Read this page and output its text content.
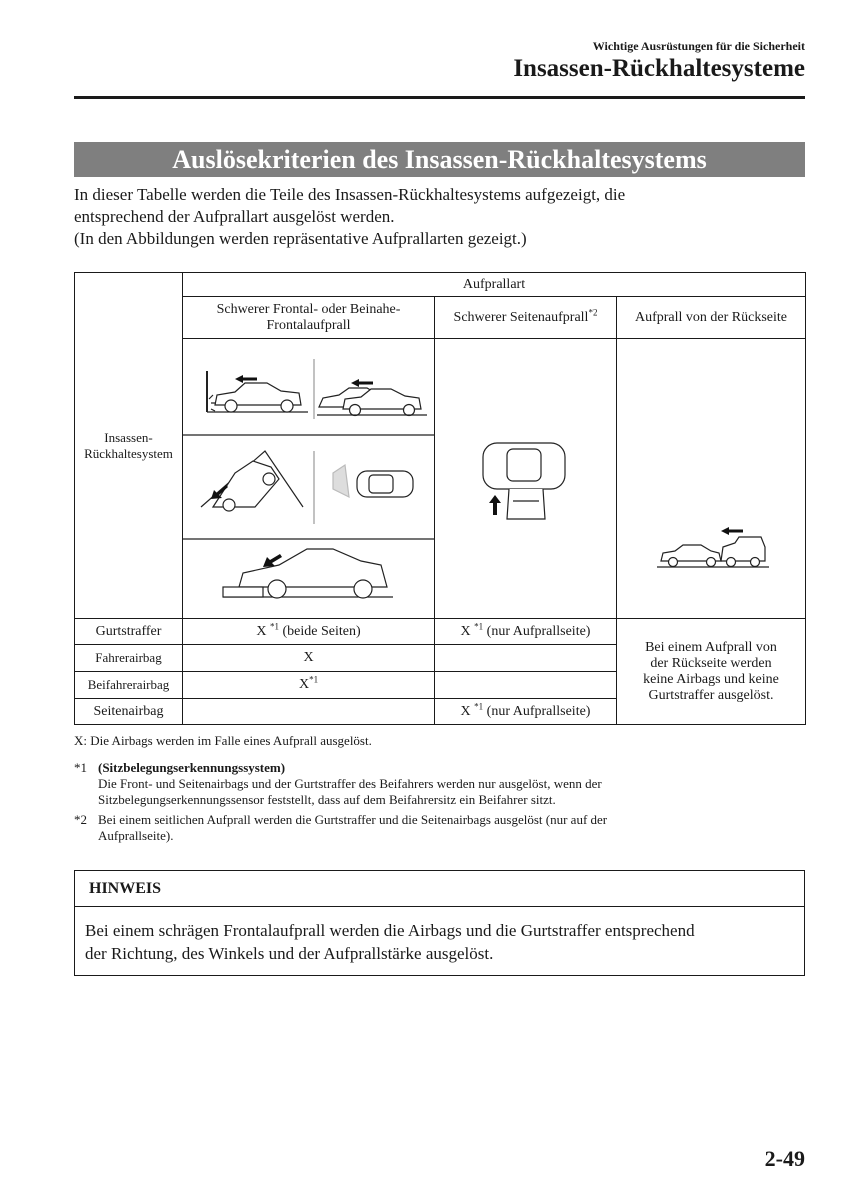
Wichtige Ausrüstungen für die Sicherheit
Insassen-Rückhaltesysteme
Auslösekriterien des Insassen-Rückhaltesystems

In dieser Tabelle werden die Teile des Insassen-Rückhaltesystems aufgezeigt, die

entsprechend der Aufprallart ausgelöst werden.

(In den Abbildungen werden repräsentative Aufprallarten gezeigt.)

Insassen-
Rückhaltesystem	Aufprallart		
	Schwerer Frontal- oder Beinahe-
Frontalaufprall	Schwerer Seitenaufprall$^{*2}$	Aufprall von der Rückseite

Gurtstraffer	X $^{*1}$ (beide Seiten)	X $^{*1}$ (nur Aufprallseite)	Bei einem Aufprall von
der Rückseite werden
keine Airbags und keine
Gurtstraffer ausgelöst.
Fahrerairbag	X		
Beifahrerairbag	$X^{*1}$	
Seitenairbag		X $^{*1}$ (nur Aufprallseite)	
X: Die Airbags werden im Falle eines Aufprall ausgelöst.
*1 (Sitzbelegungserkennungssystem)
Die Front- und Seitenairbags und der Gurtstraffer des Beifahrers werden nur ausgelöst, wenn der
Sitzbelegungserkennungssensor feststellt, dass auf dem Beifahrersitz ein Beifahrer sitzt.
*2 Bei einem seitlichen Aufprall werden die Gurtstraffer und die Seitenairbags ausgelöst (nur auf der
Aufprallseite).
HINWEIS
Bei einem schrägen Frontalaufprall werden die Airbags und die Gurtstraffer entsprechend
der Richtung, des Winkels und der Aufprallstärke ausgelöst.
2-49
